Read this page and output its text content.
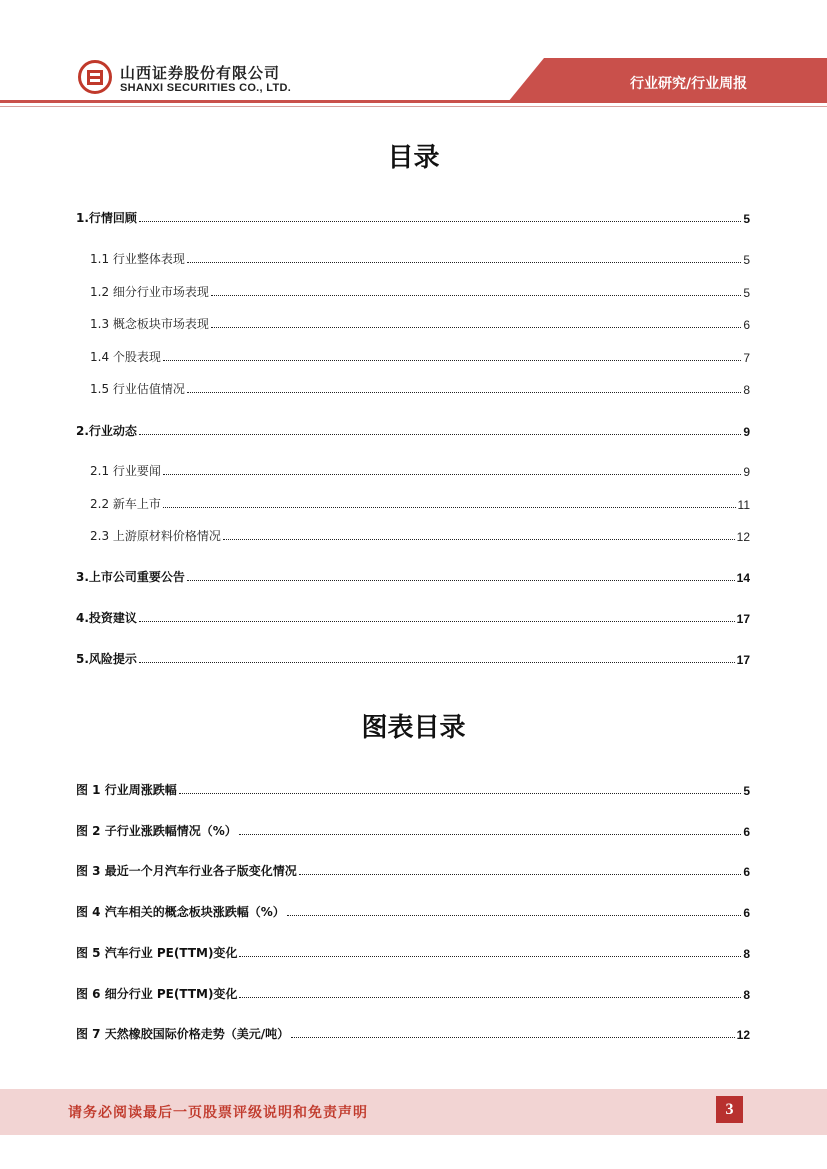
山西证券股份有限公司
SHANXI SECURITIES CO., LTD.	行业研究/行业周报
目录
1.行情回顾	5
1.1 行业整体表现	5
1.2 细分行业市场表现	5
1.3 概念板块市场表现	6
1.4 个股表现	7
1.5 行业估值情况	8
2.行业动态	9
2.1 行业要闻	9
2.2 新车上市	11
2.3 上游原材料价格情况	12
3.上市公司重要公告	14
4.投资建议	17
5.风险提示	17
图表目录
图 1 行业周涨跌幅	5
图 2 子行业涨跌幅情况（%）	6
图 3 最近一个月汽车行业各子版变化情况	6
图 4 汽车相关的概念板块涨跌幅（%）	6
图 5 汽车行业 PE(TTM)变化	8
图 6 细分行业 PE(TTM)变化	8
图 7 天然橡胶国际价格走势（美元/吨）	12
请务必阅读最后一页股票评级说明和免责声明	3
